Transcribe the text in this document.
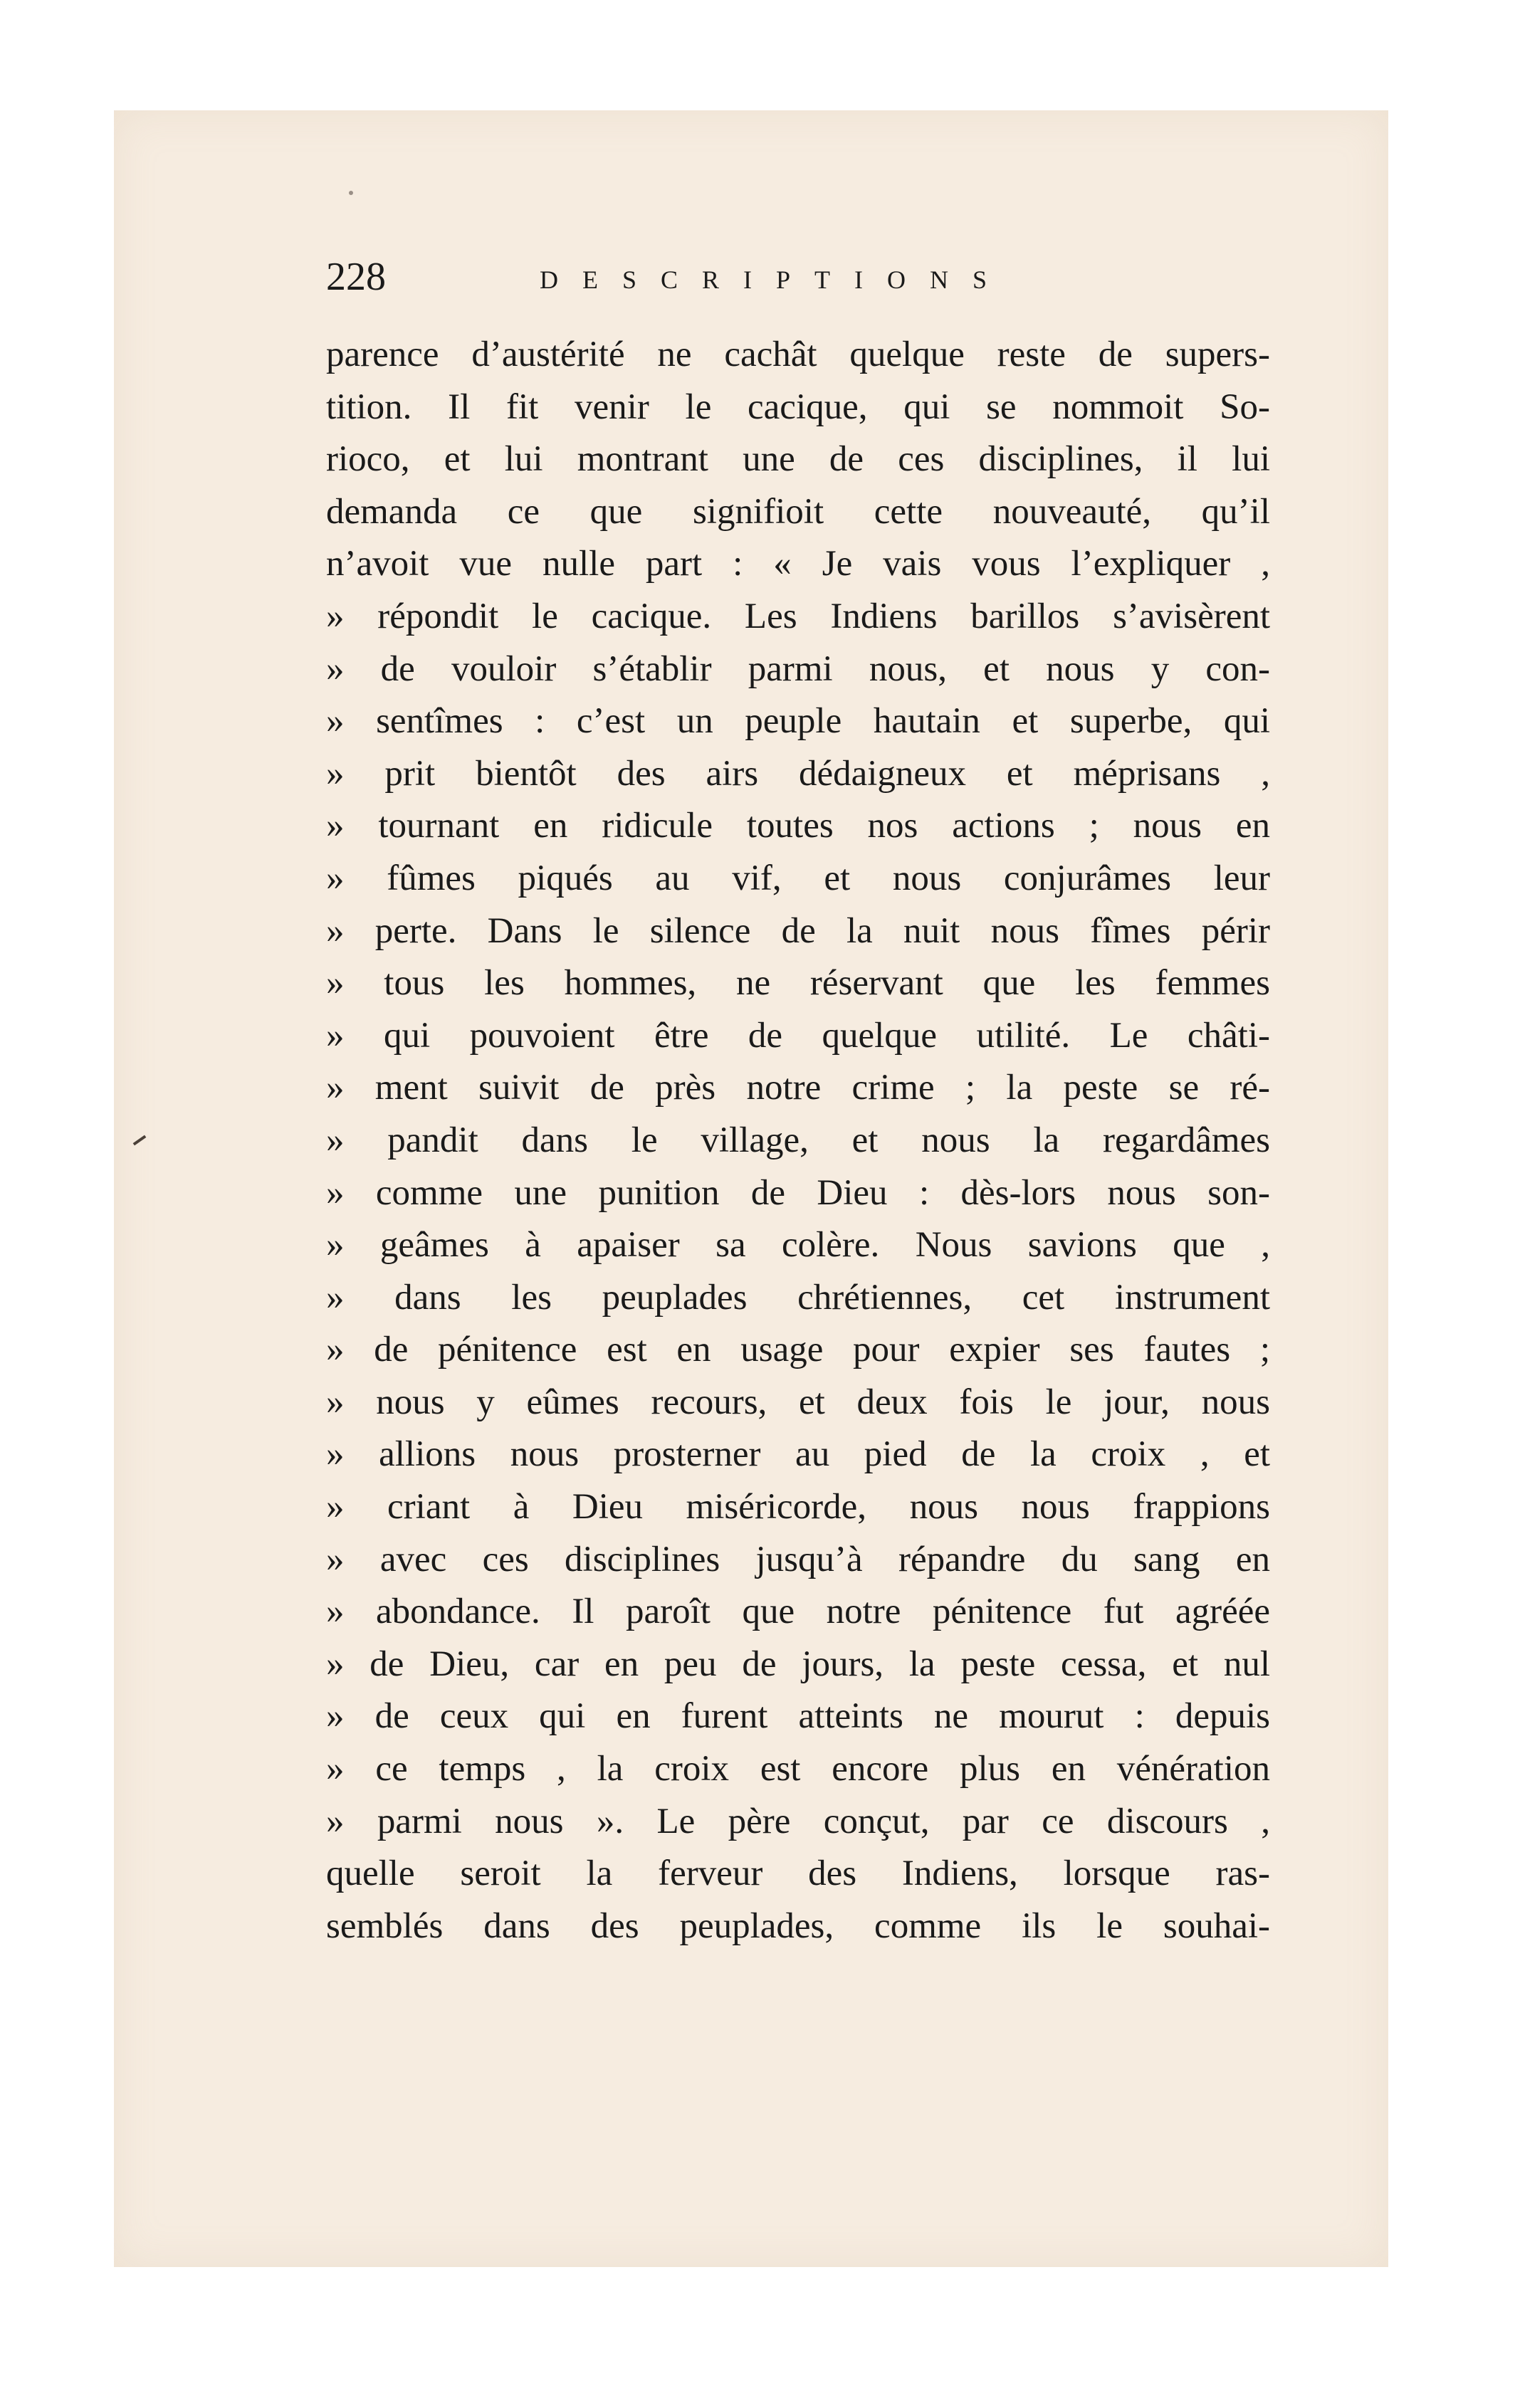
228	DESCRIPTIONS
parence d’austérité ne cachât quelque reste de supers-
tition. Il fit venir le cacique, qui se nommoit So-
rioco, et lui montrant une de ces disciplines, il lui
demanda ce que signifioit cette nouveauté, qu’il
n’avoit vue nulle part : « Je vais vous l’expliquer ,
» répondit le cacique. Les Indiens barillos s’avisèrent
» de vouloir s’établir parmi nous, et nous y con-
» sentîmes : c’est un peuple hautain et superbe, qui
» prit bientôt des airs dédaigneux et méprisans ,
» tournant en ridicule toutes nos actions ; nous en
» fûmes piqués au vif, et nous conjurâmes leur
» perte. Dans le silence de la nuit nous fîmes périr
» tous les hommes, ne réservant que les femmes
» qui pouvoient être de quelque utilité. Le châti-
» ment suivit de près notre crime ; la peste se ré-
» pandit dans le village, et nous la regardâmes
» comme une punition de Dieu : dès-lors nous son-
» geâmes à apaiser sa colère. Nous savions que ,
» dans les peuplades chrétiennes, cet instrument
» de pénitence est en usage pour expier ses fautes ;
» nous y eûmes recours, et deux fois le jour, nous
» allions nous prosterner au pied de la croix , et
» criant à Dieu miséricorde, nous nous frappions
» avec ces disciplines jusqu’à répandre du sang en
» abondance. Il paroît que notre pénitence fut agréée
» de Dieu, car en peu de jours, la peste cessa, et nul
» de ceux qui en furent atteints ne mourut : depuis
» ce temps , la croix est encore plus en vénération
» parmi nous ». Le père conçut, par ce discours ,
quelle seroit la ferveur des Indiens, lorsque ras-
semblés dans des peuplades, comme ils le souhai-
